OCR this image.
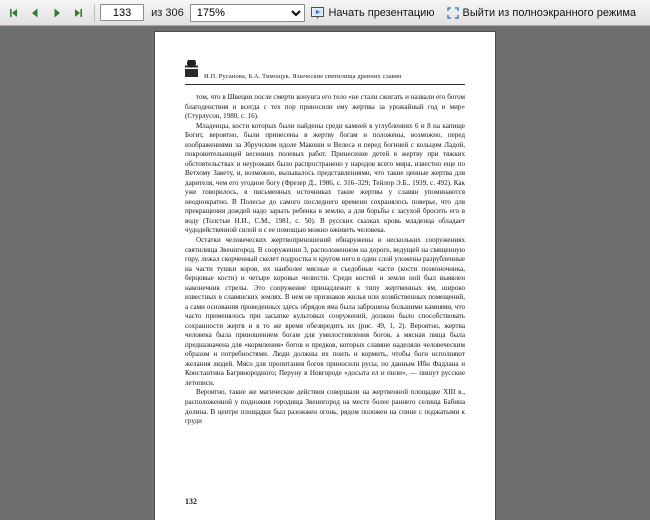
133
из 306
175%	Начать презентацию	Выйти из полноэкранного режима
И.П. Русанова, Б.А. Тимощук. Языческие святилища древних славян

том, что в Швеции после смерти конунга его тело «не стали сжигать и назвали его богом благоденствия и всегда с тех пор приносили ему жертвы за урожайный год и мир» (Стурлусон, 1980, с. 16).

Младенцы, кости которых были найдены среди камней в углублениях 6 и 8 на капище Богит, вероятно, были принесены в жертву богам и положены, возможно, перед изображениями за Збручским идоле Макоши и Велеса и перед богиней с кольцом Ладой, покровительницей весенних полевых работ. Принесение детей в жертву при тяжких обстоятельствах и неурожаях было распространено у народов всего мира, известно еще по Ветхому Завету, и, возможно, вызывалось представлениями, что такие ценные жертва для дарителя, чем его угодное богу (Фрезер Д., 1986, с. 316–329; Тейлор Э.Б., 1939, с. 492). Как уже говорилось, в письменных источниках такие жертвы у славян упоминаются неоднократно. В Полесье до самого последнего времени сохранялось поверье, что для прекращения дождей надо зарыть ребенка в землю, а для борьбы с засухой бросить его в воду (Толстые Н.И., С.М., 1981, с. 50). В русских сказках кровь младенца обладает чудодейственной силой и с ее помощью можно оживить человека.

Остатки человеческих жертвоприношений обнаружены и нескольких сооружениях святилища Звенигород. В сооружении 3, расположенном на дороге, ведущей на священную гору, лежал скорченный скелет подростка и кругом него в один слой уложены разрубленные на части тушки коров, их наиболее мясные и съедобные части (кости позвоночника, берцовые кости) и четыре коровьи челюсти. Среди костей и земли ной был выявлен наконечник стрелы. Это сооружение принадлежит к типу жертвенных ям, широко известных в славянских землях. В нем не признаков жилья или хозяйственных помещений, а сами основания проведенных здесь обрядов яма была заброшена большими камнями, что часто применялось при засыпке культовых сооружений, должно было способствовать сохранности жертв и в то же время обезвредить их (рис. 49, 1, 2). Вероятно, жертва человека была приношением богам для умилостивления богов, а мясная пища была предназначена для «кормления» богов и предков, которых славяне наделяли человеческим образом и потребностями. Люди должны их поить и кормить, чтобы боги исполняют желания людей. Мясо для пропитания богов приносили русы, по данным Ибн Фадлана и Константина Багрянородного; Перуну в Новгороде «досыта ел и пили», — пишут русские летописи.

Вероятно, такие же магические действия совершали на жертвенной площадке XIII в., расположенной у подножия городища Звенигород на месте более раннего селища Бабина долина. В центре площадки был разожжен огонь, рядом положен на спине с поджатыми к груди

132
